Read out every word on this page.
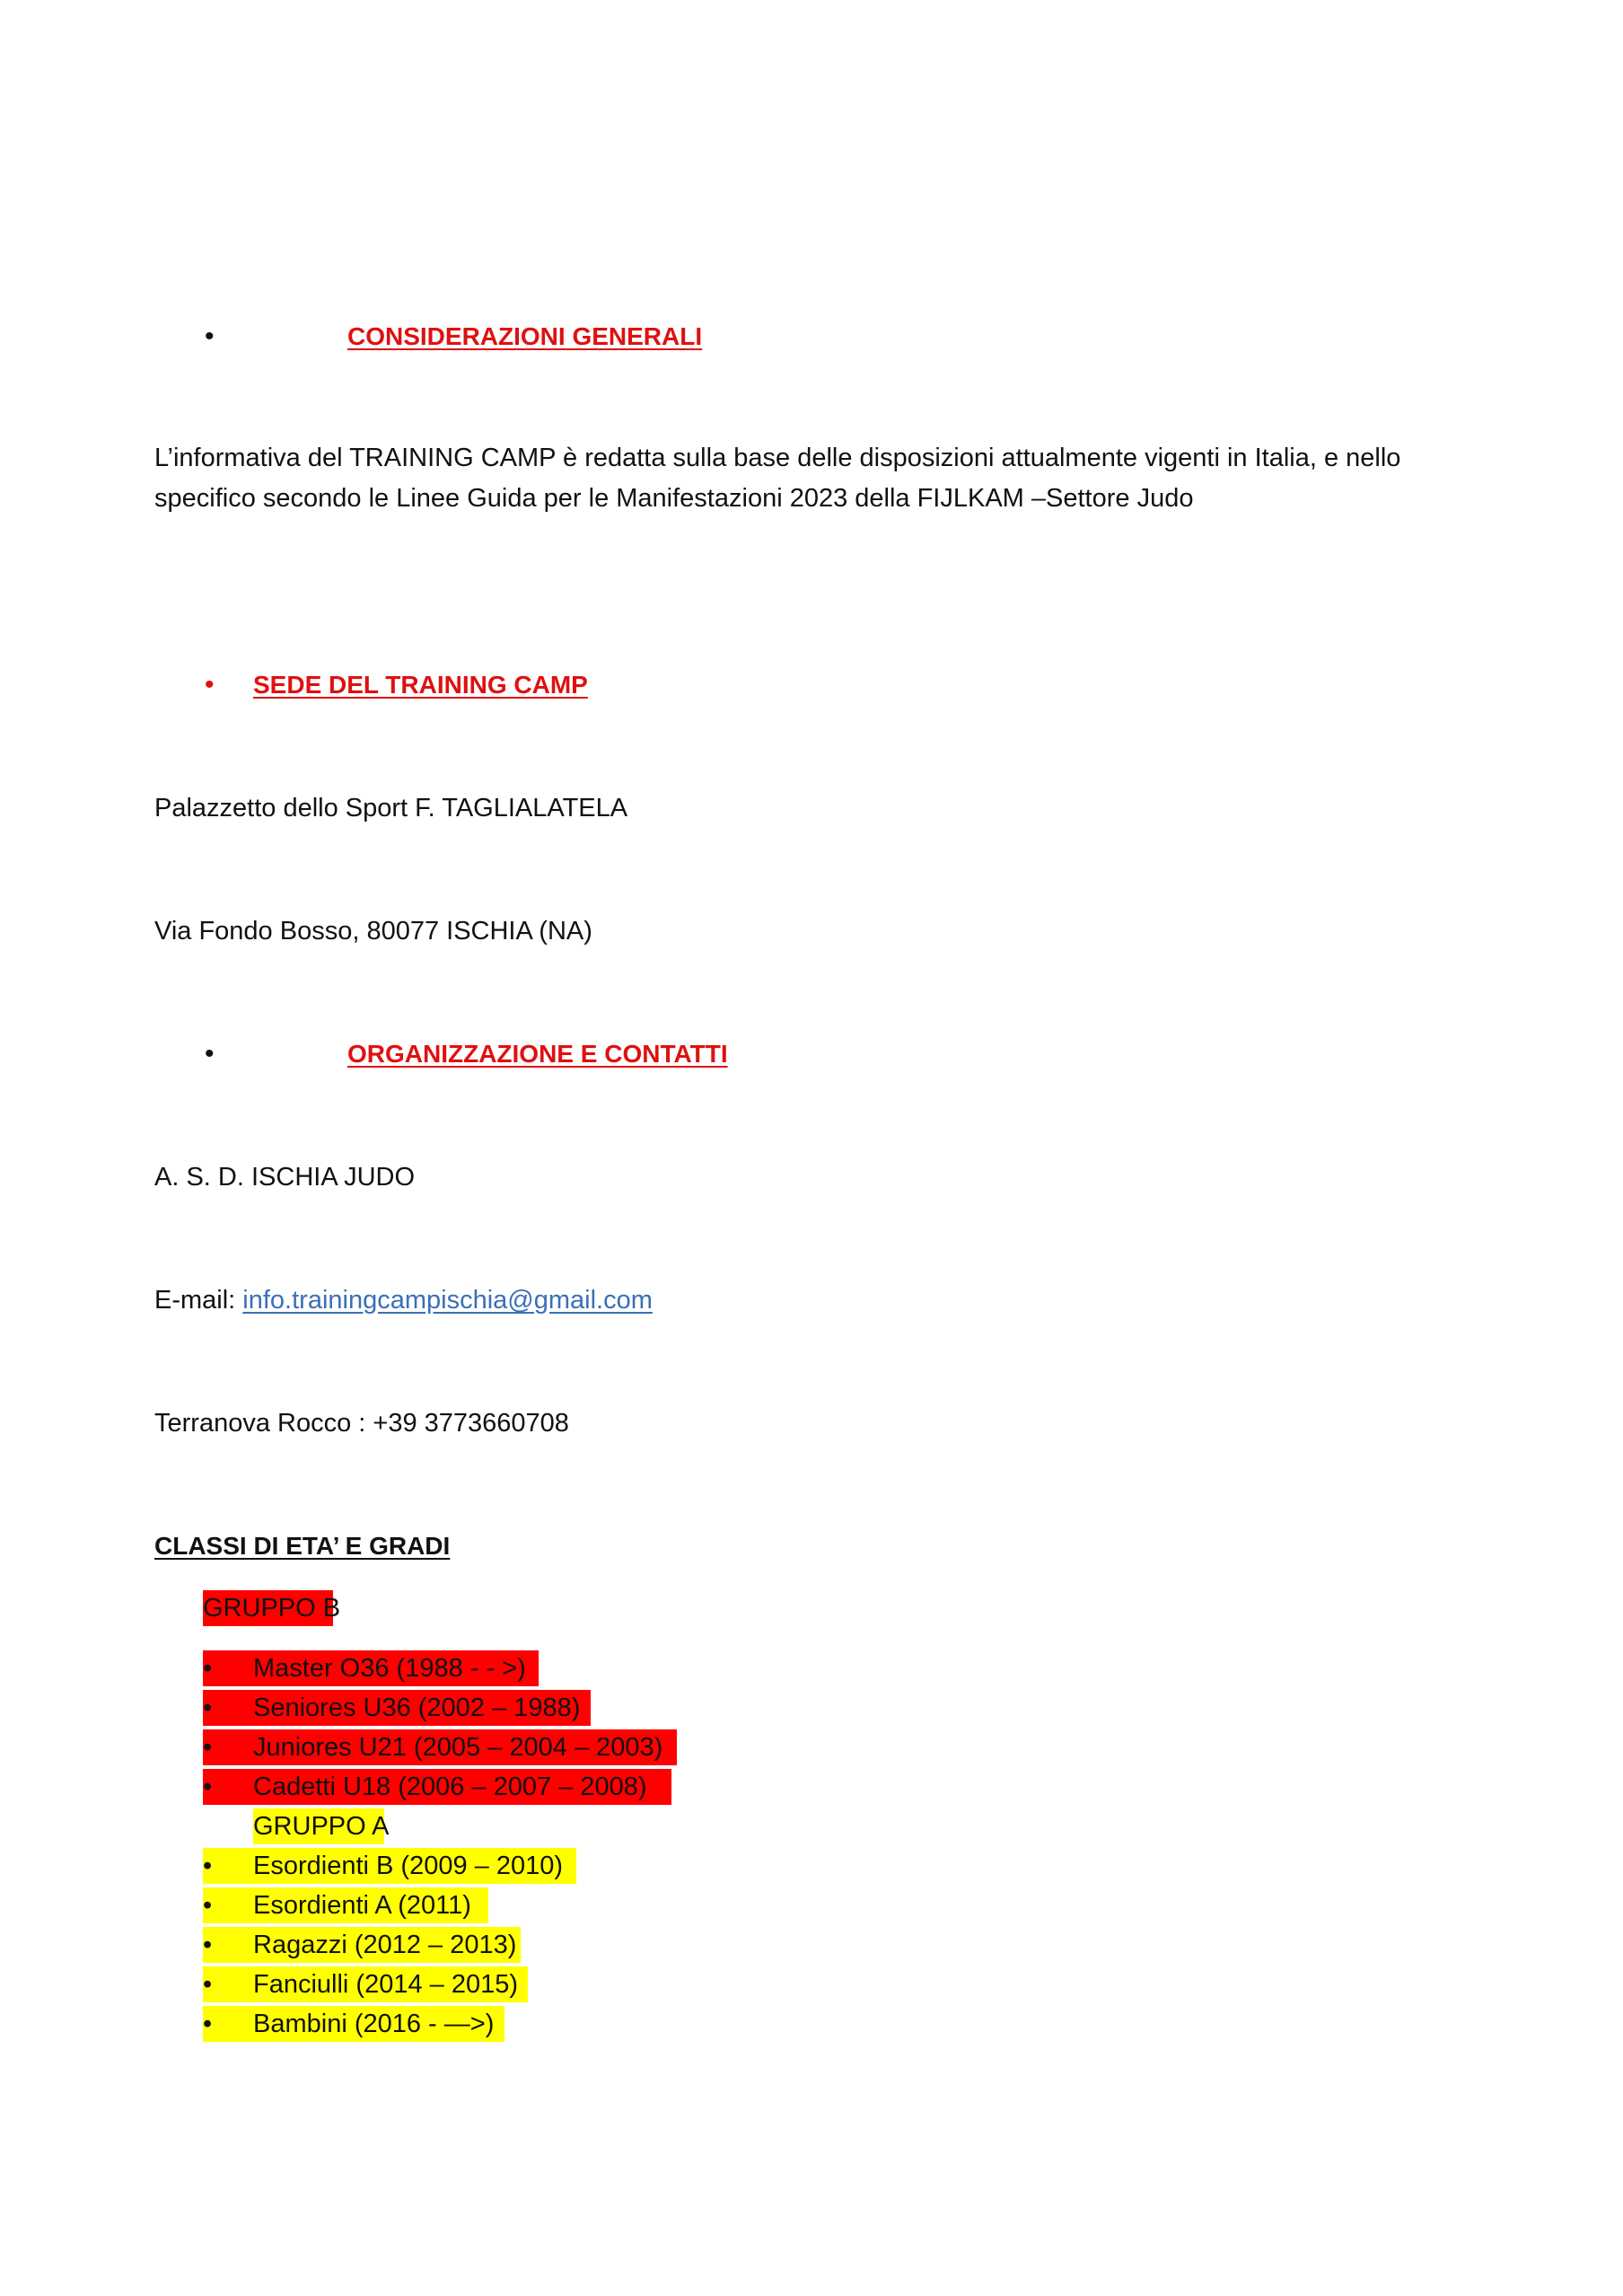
•	CONSIDERAZIONI GENERALI
L’informativa del TRAINING CAMP è redatta sulla base delle disposizioni attualmente vigenti in Italia, e nello
specifico secondo le Linee Guida per le Manifestazioni 2023 della FIJLKAM –Settore Judo
• SEDE DEL TRAINING CAMP
Palazzetto dello Sport F. TAGLIALATELA
Via Fondo Bosso, 80077 ISCHIA (NA)
•	ORGANIZZAZIONE E CONTATTI
A. S. D. ISCHIA JUDO
E-mail: info.trainingcampischia@gmail.com
Terranova Rocco : +39 3773660708
CLASSI DI ETA’ E GRADI
GRUPPO B
•	Master O36 (1988 - - >)
•	Seniores U36 (2002 – 1988)
•	Juniores U21 (2005 – 2004 – 2003)
•	Cadetti U18 (2006 – 2007 – 2008)
GRUPPO A
•	Esordienti B (2009 – 2010)
•	Esordienti A (2011)
•	Ragazzi (2012 – 2013)
•	Fanciulli (2014 – 2015)
•	Bambini (2016 - —>)
